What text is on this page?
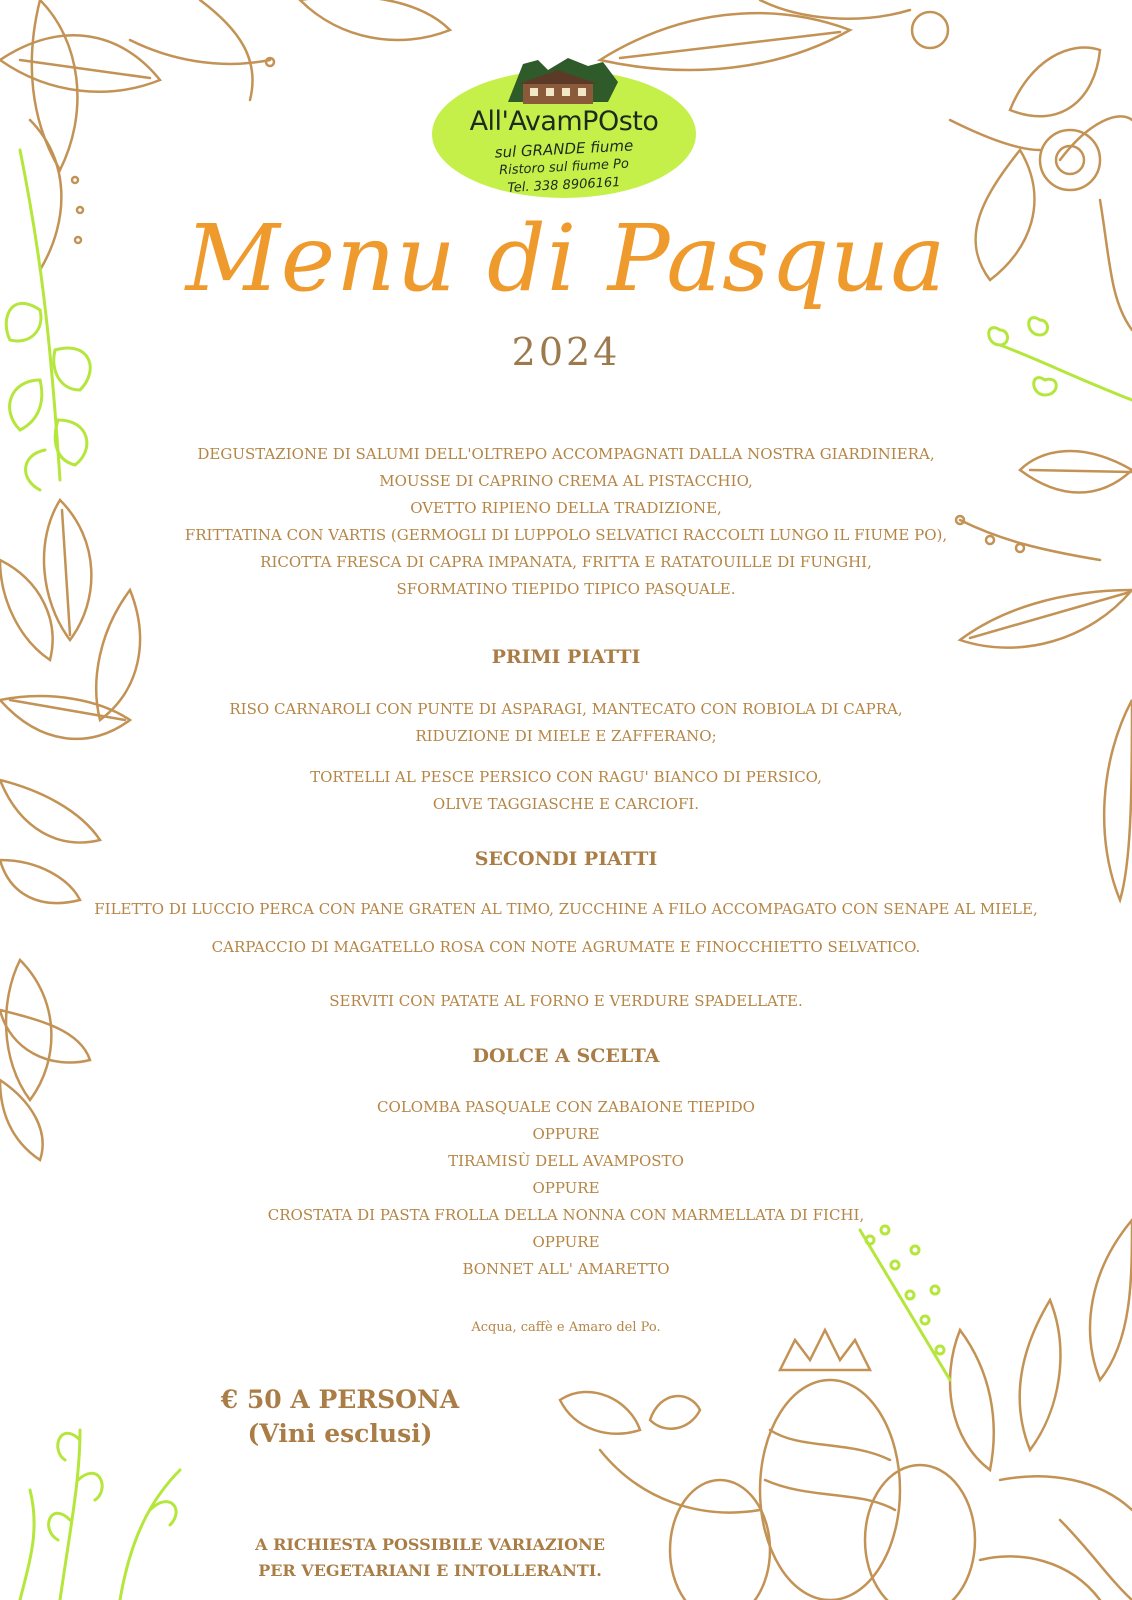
All'AvamPOsto
sul GRANDE fiume
Ristoro sul fiume Po
Tel. 338 8906161
Menu di Pasqua
2024
DEGUSTAZIONE DI SALUMI DELL'OLTREPO ACCOMPAGNATI DALLA NOSTRA GIARDINIERA,
MOUSSE DI CAPRINO CREMA AL PISTACCHIO,
OVETTO RIPIENO DELLA TRADIZIONE,
FRITTATINA CON VARTIS (GERMOGLI DI LUPPOLO SELVATICI RACCOLTI LUNGO IL FIUME PO),
RICOTTA FRESCA DI CAPRA IMPANATA, FRITTA E RATATOUILLE DI FUNGHI,
SFORMATINO TIEPIDO TIPICO PASQUALE.
PRIMI PIATTI
RISO CARNAROLI CON PUNTE DI ASPARAGI, MANTECATO CON ROBIOLA DI CAPRA,
RIDUZIONE DI MIELE E ZAFFERANO;
TORTELLI AL PESCE PERSICO CON RAGU' BIANCO DI PERSICO,
OLIVE TAGGIASCHE E CARCIOFI.
SECONDI PIATTI
FILETTO DI LUCCIO PERCA CON PANE GRATEN AL TIMO, ZUCCHINE A FILO ACCOMPAGATO CON SENAPE AL MIELE,
CARPACCIO DI MAGATELLO ROSA CON NOTE AGRUMATE E FINOCCHIETTO SELVATICO.
SERVITI CON PATATE AL FORNO E VERDURE SPADELLATE.
DOLCE A SCELTA
COLOMBA PASQUALE CON ZABAIONE TIEPIDO
OPPURE
TIRAMISÙ DELL AVAMPOSTO
OPPURE
CROSTATA DI PASTA FROLLA DELLA NONNA CON MARMELLATA DI FICHI,
OPPURE
BONNET ALL' AMARETTO
Acqua, caffè e Amaro del Po.
€ 50 A PERSONA
(Vini esclusi)
A RICHIESTA POSSIBILE VARIAZIONE
PER VEGETARIANI E INTOLLERANTI.
